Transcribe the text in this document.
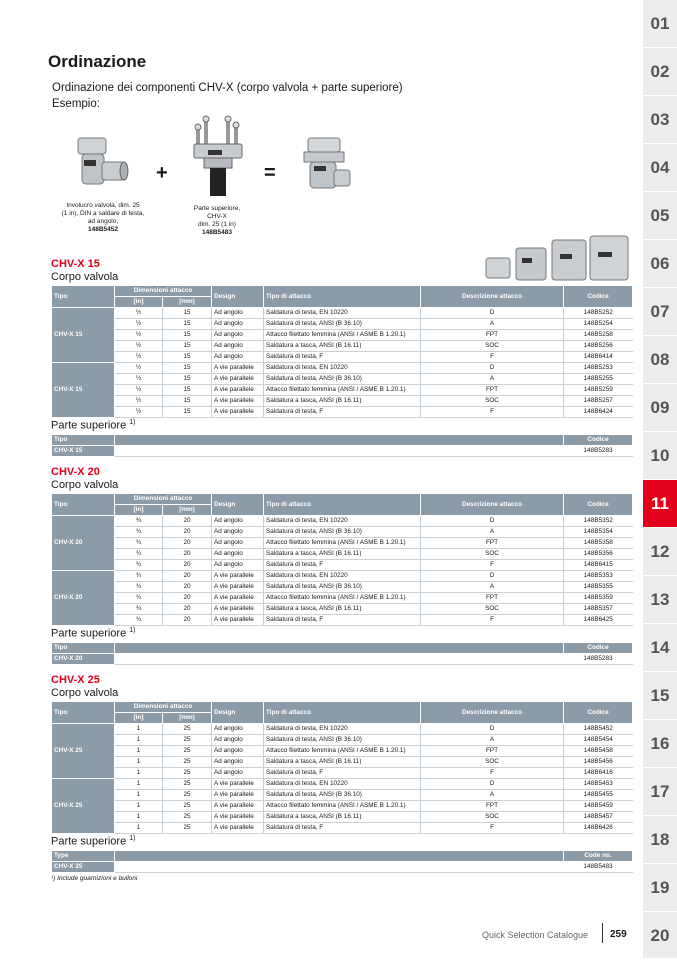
01
02
03
04
05
06
07
08
09
10
11
12
13
14
15
16
17
18
19
20
Ordinazione
Ordinazione dei componenti CHV-X (corpo valvola + parte superiore)
Esempio:
+	=
Involucro valvola, dim. 25
(1 in), DIN a saldare di testa,
ad angolo,
148B5452
Parte superiore,
CHV-X
dim. 25 (1 in)
148B5483
CHV-X 15
Corpo valvola
Tipo	Dimensioni attacco		Design	Tipo di attacco	Descrizione attacco	Codice
	[in]	[mm]				
CHV-X 15	½	15	Ad angolo	Saldatura di testa, EN 10220	D	148B5252
	½	15	Ad angolo	Saldatura di testa, ANSI (B 36.10)	A	148B5254
	½	15	Ad angolo	Attacco filettato femmina (ANSI / ASME B 1.20.1)	FPT	148B5258
	½	15	Ad angolo	Saldatura a tasca, ANSI (B 16.11)	SOC	148B5256
	½	15	Ad angolo	Saldatura di testa, F	F	148B6414
CHV-X 15	½	15	A vie parallele	Saldatura di testa, EN 10220	D	148B5253
	½	15	A vie parallele	Saldatura di testa, ANSI (B 36.10)	A	148B5255
	½	15	A vie parallele	Attacco filettato femmina (ANSI / ASME B 1.20.1)	FPT	148B5259
	½	15	A vie parallele	Saldatura a tasca, ANSI (B 16.11)	SOC	148B5257
	½	15	A vie parallele	Saldatura di testa, F	F	148B6424
Parte superiore $^{1)}$
Tipo		Codice
CHV-X 15		148B5283
CHV-X 20
Corpo valvola
Tipo	Dimensioni attacco		Design	Tipo di attacco	Descrizione attacco	Codice
	[in]	[mm]				
CHV-X 20	¾	20	Ad angolo	Saldatura di testa, EN 10220	D	148B5352
	¾	20	Ad angolo	Saldatura di testa, ANSI (B 36.10)	A	148B5354
	¾	20	Ad angolo	Attacco filettato femmina (ANSI / ASME B 1.20.1)	FPT	148B5358
	¾	20	Ad angolo	Saldatura a tasca, ANSI (B 16.11)	SOC	148B5356
	¾	20	Ad angolo	Saldatura di testa, F	F	148B6415
CHV-X 20	¾	20	A vie parallele	Saldatura di testa, EN 10220	D	148B5353
	¾	20	A vie parallele	Saldatura di testa, ANSI (B 36.10)	A	148B5355
	¾	20	A vie parallele	Attacco filettato femmina (ANSI / ASME B 1.20.1)	FPT	148B5359
	¾	20	A vie parallele	Saldatura a tasca, ANSI (B 16.11)	SOC	148B5357
	¾	20	A vie parallele	Saldatura di testa, F	F	148B6425
Parte superiore $^{1)}$
Tipo		Codice
CHV-X 20		148B5283
CHV-X 25
Corpo valvola
Tipo	Dimensioni attacco		Design	Tipo di attacco	Descrizione attacco	Codice
	[in]	[mm]				
CHV-X 25	1	25	Ad angolo	Saldatura di testa, EN 10220	D	148B5452
	1	25	Ad angolo	Saldatura di testa, ANSI (B 36.10)	A	148B5454
	1	25	Ad angolo	Attacco filettato femmina (ANSI / ASME B 1.20.1)	FPT	148B5458
	1	25	Ad angolo	Saldatura a tasca, ANSI (B 16.11)	SOC	148B5456
	1	25	Ad angolo	Saldatura di testa, F	F	148B6416
CHV-X 25	1	25	A vie parallele	Saldatura di testa, EN 10220	D	148B5453
	1	25	A vie parallele	Saldatura di testa, ANSI (B 36.10)	A	148B5455
	1	25	A vie parallele	Attacco filettato femmina (ANSI / ASME B 1.20.1)	FPT	148B5459
	1	25	A vie parallele	Saldatura a tasca, ANSI (B 16.11)	SOC	148B5457
	1	25	A vie parallele	Saldatura di testa, F	F	148B6426
Parte superiore $^{1)}$
Type		Code no.
CHV-X 25		148B5483
¹) Include guarnizioni e bulloni
Quick Selection Catalogue 259
